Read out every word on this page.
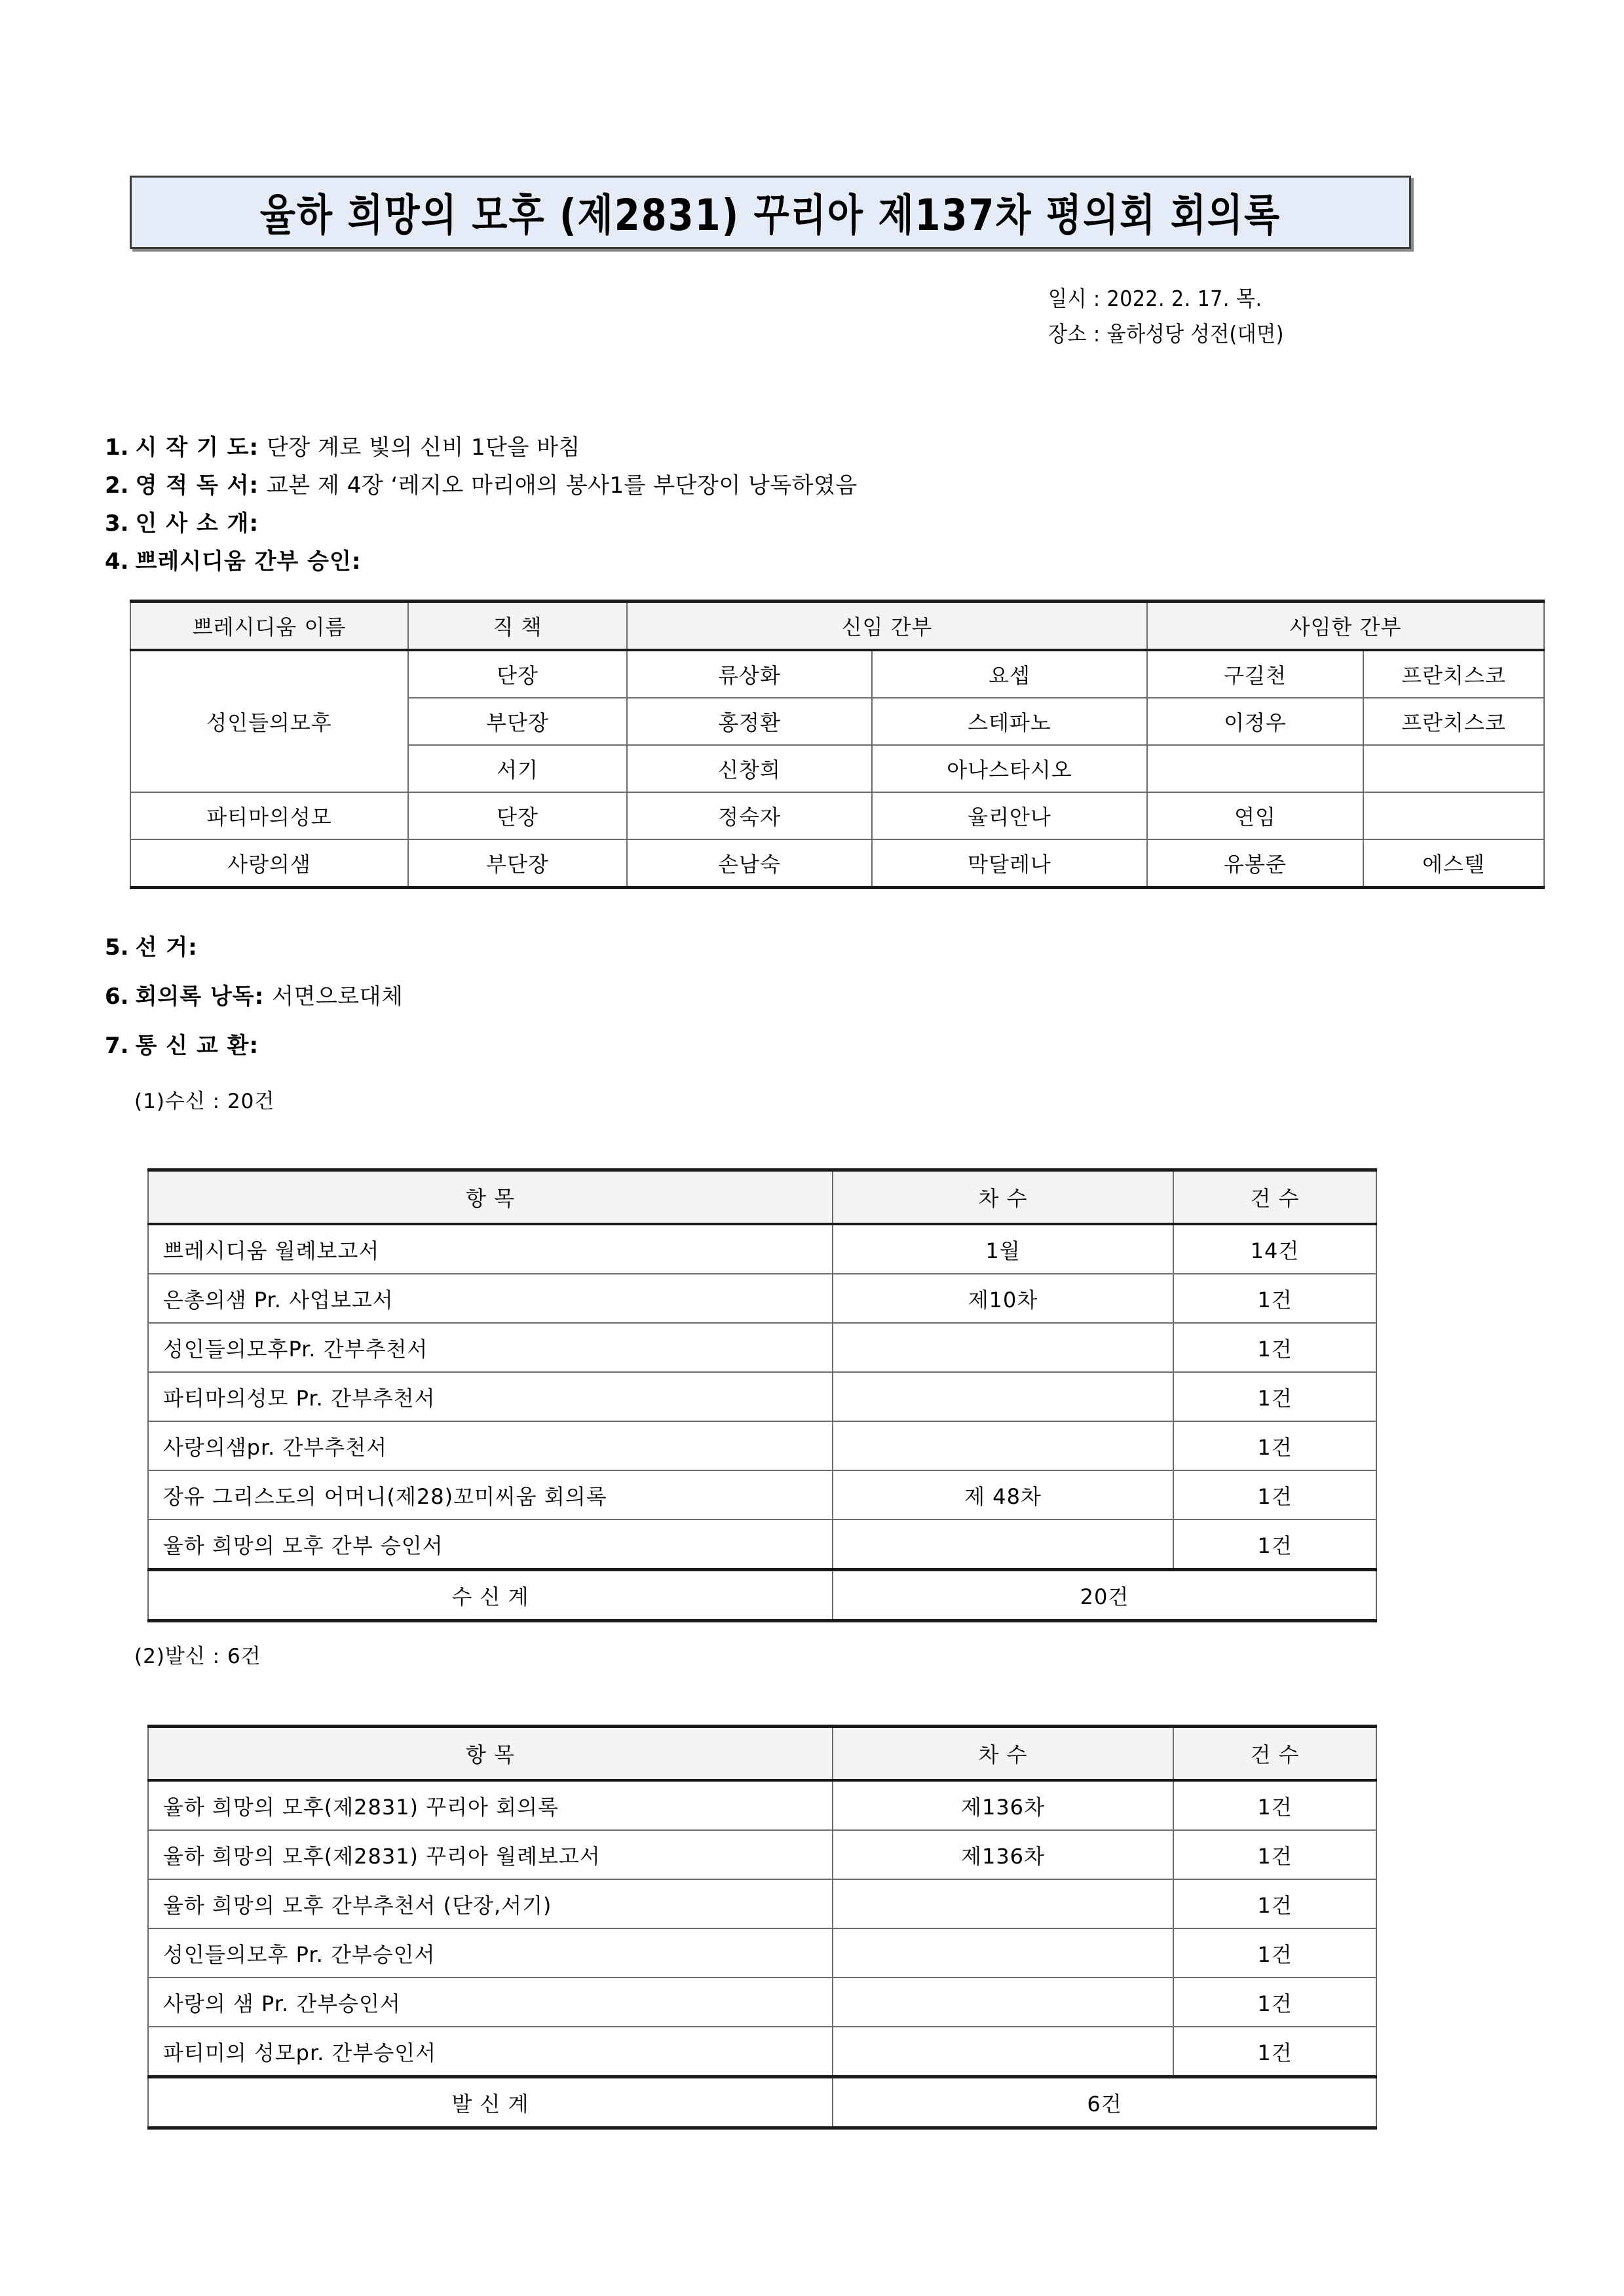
율하 희망의 모후 (제2831) 꾸리아 제137차 평의회 회의록
일시 : 2022. 2. 17. 목.
장소 : 율하성당 성전(대면)
1. 시 작 기 도: 단장 계로 빛의 신비 1단을 바침
2. 영 적 독 서: 교본 제 4장 ‘레지오 마리애의 봉사1를 부단장이 낭독하였음
3. 인 사 소 개:
4. 쁘레시디움 간부 승인:
쁘레시디움 이름	직 책	신임 간부		사임한 간부	
성인들의모후	단장	류상화	요셉	구길천	프란치스코
	부단장	홍정환	스테파노	이정우	프란치스코
	서기	신창희	아나스타시오		
파티마의성모	단장	정숙자	율리안나	연임	
사랑의샘	부단장	손남숙	막달레나	유봉준	에스텔
5. 선 거:
6. 회의록 낭독: 서면으로대체
7. 통 신 교 환:
(1)수신 : 20건
항 목	차 수	건 수
쁘레시디움 월례보고서	1월	14건
은총의샘 Pr. 사업보고서	제10차	1건
성인들의모후Pr. 간부추천서		1건
파티마의성모 Pr. 간부추천서		1건
사랑의샘pr. 간부추천서		1건
장유 그리스도의 어머니(제28)꼬미씨움 회의록	제 48차	1건
율하 희망의 모후 간부 승인서		1건
수 신 계	20건	
(2)발신 : 6건
항 목	차 수	건 수
율하 희망의 모후(제2831) 꾸리아 회의록	제136차	1건
율하 희망의 모후(제2831) 꾸리아 월례보고서	제136차	1건
율하 희망의 모후 간부추천서 (단장,서기)		1건
성인들의모후 Pr. 간부승인서		1건
사랑의 샘 Pr. 간부승인서		1건
파티미의 성모pr. 간부승인서		1건
발 신 계	6건	
